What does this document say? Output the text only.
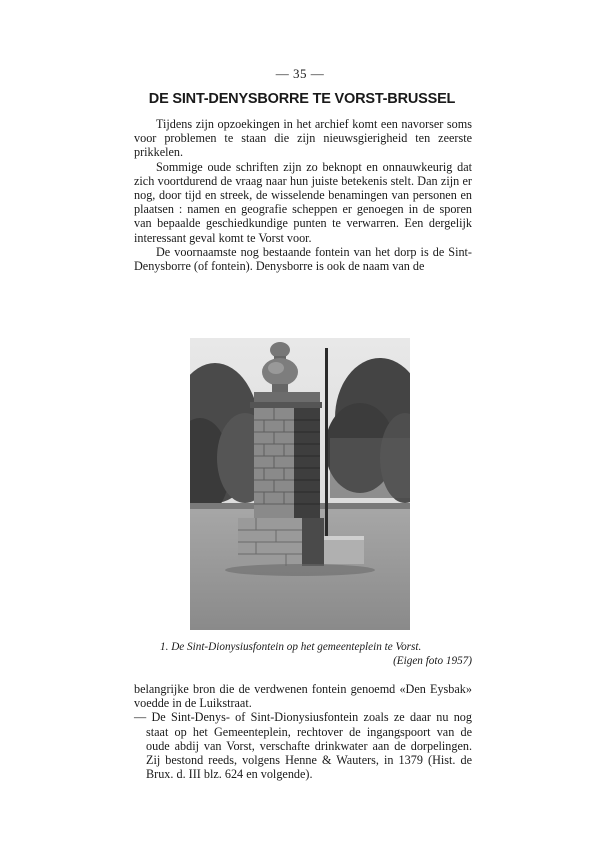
— 35 —
DE SINT-DENYSBORRE TE VORST-BRUSSEL

Tijdens zijn opzoekingen in het archief komt een navorser soms voor problemen te staan die zijn nieuwsgierigheid ten zeerste prikkelen.

Sommige oude schriften zijn zo beknopt en onnauwkeurig dat zich voortdurend de vraag naar hun juiste betekenis stelt. Dan zijn er nog, door tijd en streek, de wisselende benamingen van personen en plaatsen : namen en geografie scheppen er genoegen in de sporen van bepaalde geschiedkundige punten te verwarren. Een dergelijk interessant geval komt te Vorst voor.

De voornaamste nog bestaande fontein van het dorp is de Sint-Denysborre (of fontein). Denysborre is ook de naam van de

1. De Sint-Dionysiusfontein op het gemeenteplein te Vorst.
(Eigen foto 1957)

belangrijke bron die de verdwenen fontein genoemd «Den Eysbak» voedde in de Luikstraat.

— De Sint-Denys- of Sint-Dionysiusfontein zoals ze daar nu nog staat op het Gemeenteplein, rechtover de ingangspoort van de oude abdij van Vorst, verschafte drinkwater aan de dorpelingen. Zij bestond reeds, volgens Henne & Wauters, in 1379 (Hist. de Brux. d. III blz. 624 en volgende).
